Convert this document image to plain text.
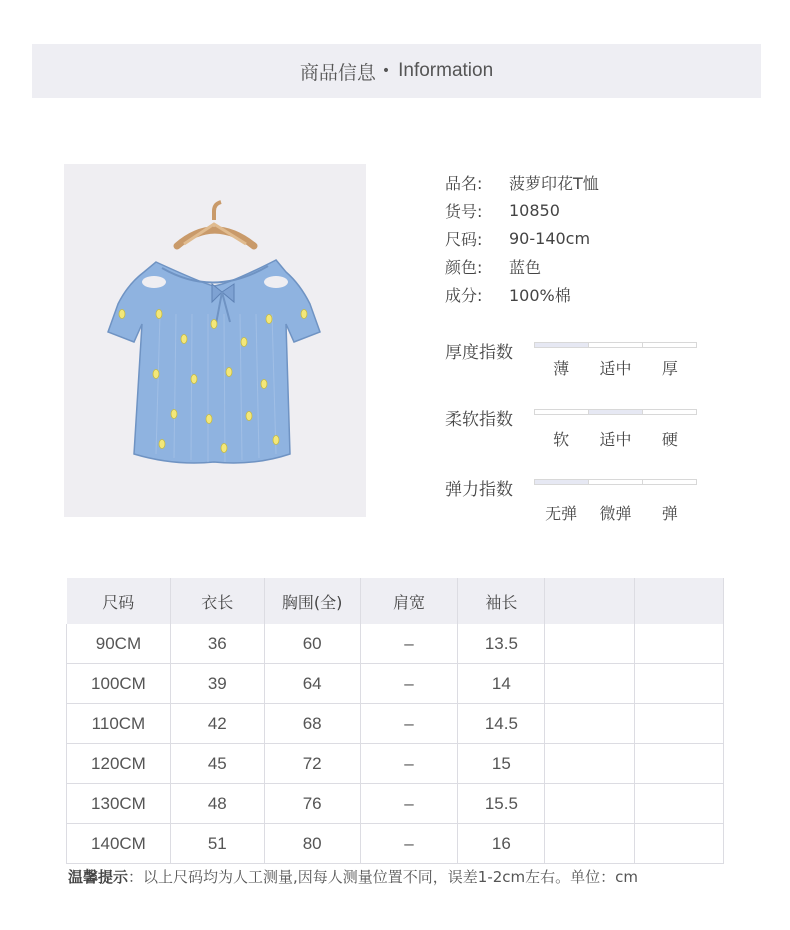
商品信息 • Information
品名:	菠萝印花T恤
货号:	10850
尺码:	90-140cm
颜色:	蓝色
成分:	100%棉
厚度指数
薄	适中	厚
柔软指数
软	适中	硬
弹力指数
无弹	微弹	弹
尺码	衣长	胸围(全)	肩宽	袖长		
90CM	36	60	–	13.5		
100CM	39	64	–	14		
110CM	42	68	–	14.5		
120CM	45	72	–	15		
130CM	48	76	–	15.5		
140CM	51	80	–	16		
温馨提示：以上尺码均为人工测量,因每人测量位置不同，误差1-2cm左右。单位：cm
